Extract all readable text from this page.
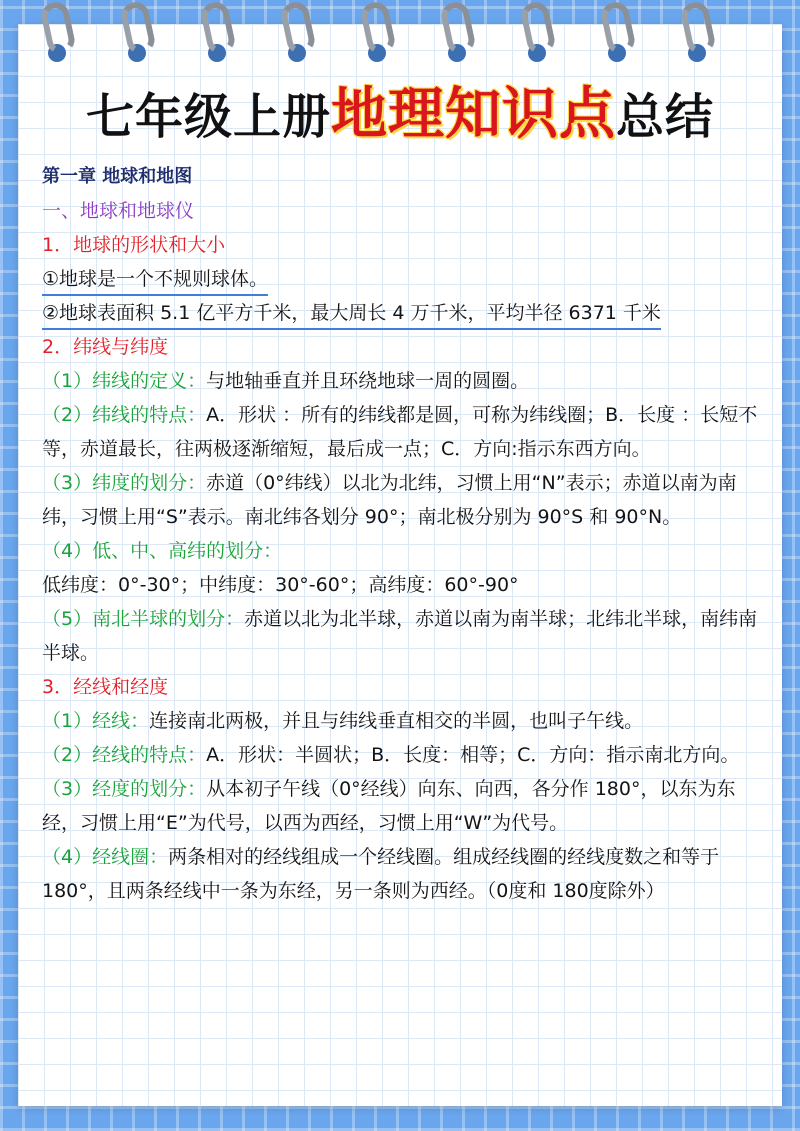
七年级上册地理知识点总结
第一章 地球和地图
一、地球和地球仪
1．地球的形状和大小
①地球是一个不规则球体。
②地球表面积 5.1 亿平方千米，最大周长 4 万千米，平均半径 6371 千米
2．纬线与纬度
（1）纬线的定义：与地轴垂直并且环绕地球一周的圆圈。
（2）纬线的特点：A．形状 ：所有的纬线都是圆，可称为纬线圈；B．长度 ：长短不等，赤道最长，往两极逐渐缩短，最后成一点；C．方向:指示东西方向。
（3）纬度的划分：赤道（0°纬线）以北为北纬，习惯上用“N”表示；赤道以南为南纬，习惯上用“S”表示。南北纬各划分 90°；南北极分别为 90°S 和 90°N。
（4）低、中、高纬的划分：
低纬度：0°-30°；中纬度：30°-60°；高纬度：60°-90°
（5）南北半球的划分：赤道以北为北半球，赤道以南为南半球；北纬北半球，南纬南半球。
3．经线和经度
（1）经线：连接南北两极，并且与纬线垂直相交的半圆，也叫子午线。
（2）经线的特点：A．形状：半圆状；B．长度：相等；C．方向：指示南北方向。
（3）经度的划分：从本初子午线（0°经线）向东、向西，各分作 180°，以东为东经，习惯上用“E”为代号，以西为西经，习惯上用“W”为代号。
（4）经线圈：两条相对的经线组成一个经线圈。组成经线圈的经线度数之和等于 180°，且两条经线中一条为东经，另一条则为西经。（0度和 180度除外）
